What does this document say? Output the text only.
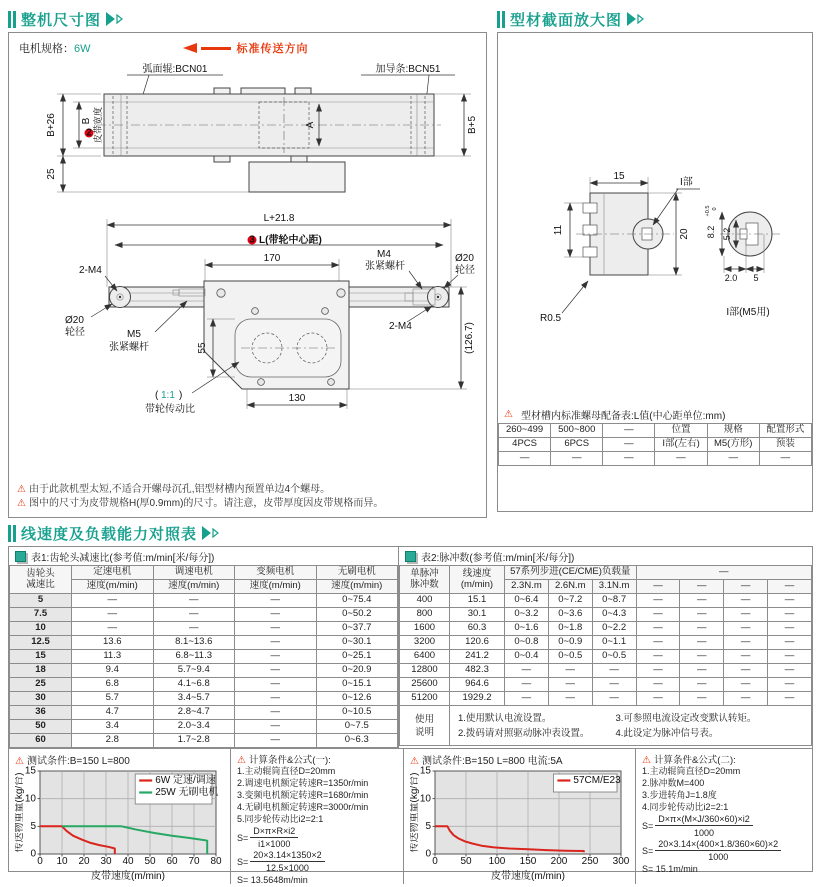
整机尺寸图
电机规格：6W	标准传送方向
弧面辊:BCN01	加导条:BCN51
A
B+26	2
B 皮带宽度	B+5
25
L+21.8
3 L(带轮中心距)
170
55
M5
张紧螺杆
( 1:1 )
带轮传动比
130
(126.7)
2-M4
Ø20
轮径
M4
张紧螺杆
Ø20
轮径
2-M4
⚠ 由于此款机型太短,不适合开螺母沉孔,铝型材槽内预置单边4个螺母。
⚠ 图中的尺寸为皮带规格H(厚0.9mm)的尺寸。请注意，皮带厚度因皮带规格而异。
型材截面放大图
15
I部
11	20
R0.5
8.2
+0.5 0
5.2
2.0 5
I部(M5用)
⚠ 型材槽内标准螺母配备表:L值(中心距单位:mm)
260~499	500~800	—	位置	规格	配置形式
4PCS	6PCS	—	I部(左右)	M5(方形)	预装
—	—	—	—	—	—
线速度及负载能力对照表
表1:齿轮头减速比(参考值:m/min[米/每分])
齿轮头
减速比	定速电机	调速电机	变频电机	无刷电机
	速度(m/min)	速度(m/min)	速度(m/min)	速度(m/min)
5	—	—	—	0~75.4
7.5	—	—	—	0~50.2
10	—	—	—	0~37.7
12.5	13.6	8.1~13.6	—	0~30.1
15	11.3	6.8~11.3	—	0~25.1
18	9.4	5.7~9.4	—	0~20.9
25	6.8	4.1~6.8	—	0~15.1
30	5.7	3.4~5.7	—	0~12.6
36	4.7	2.8~4.7	—	0~10.5
50	3.4	2.0~3.4	—	0~7.5
60	2.8	1.7~2.8	—	0~6.3
表2:脉冲数(参考值:m/min[米/每分])
单脉冲
脉冲数

线速度
(m/min)
	57系列步进(CE/CME)负载量	—
		2.3N.m	2.6N.m	3.1N.m	—	—	—	—
400	15.1	0~6.4	0~7.2	0~8.7	—	—	—	—
800	30.1	0~3.2	0~3.6	0~4.3	—	—	—	—
1600	60.3	0~1.6	0~1.8	0~2.2	—	—	—	—
3200	120.6	0~0.8	0~0.9	0~1.1	—	—	—	—
6400	241.2	0~0.4	0~0.5	0~0.5	—	—	—	—
12800	482.3	—	—	—	—	—	—	—
25600	964.6	—	—	—	—	—	—	—
51200	1929.2	—	—	—	—	—	—	—

使用
说明

1.使用默认电流设置。
2.拨码请对照驱动脉冲表设置。
3.可参照电流设定改变默认转矩。
4.此设定为脉冲信号表。
⚠ 测试条件:B=150 L=800
0 10 20 30 40 50 60 70 80
0
5
10
15
皮带速度(m/min)
传送物重量(kg/台)	6W 定速/调速
25W 无刷电机
⚠ 计算条件&公式(一):
1.主动辊筒直径D=20mm
2.调速电机额定转速R=1350r/min
3.变频电机额定转速R=1680r/min
4.无刷电机额定转速R=3000r/min
5.同步轮传动比i2=2:1
$S= \frac{D\times\pi\times R\times i2}{i1\times 1000}$
$S= \frac{20\times 3.14\times 1350\times 2}{12.5\times 1000}$
S= 13.5648m/min
⚠ 测试条件:B=150 L=800 电流:5A
0 50 100 150 200 250 300
0
5
10
15
皮带速度(m/min)
传送物重量(kg/台)	57CM/E23
⚠ 计算条件&公式(二):
1.主动辊筒直径D=20mm
2.脉冲数M=400
3.步进转角J=1.8度
4.同步轮传动比i2=2:1
$S= \frac{D\times\pi\times(M\times J/360\times 60)\times i2}{1000}$
$S= \frac{20\times 3.14\times(400\times 1.8/360\times 60)\times 2}{1000}$
S= 15.1m/min
